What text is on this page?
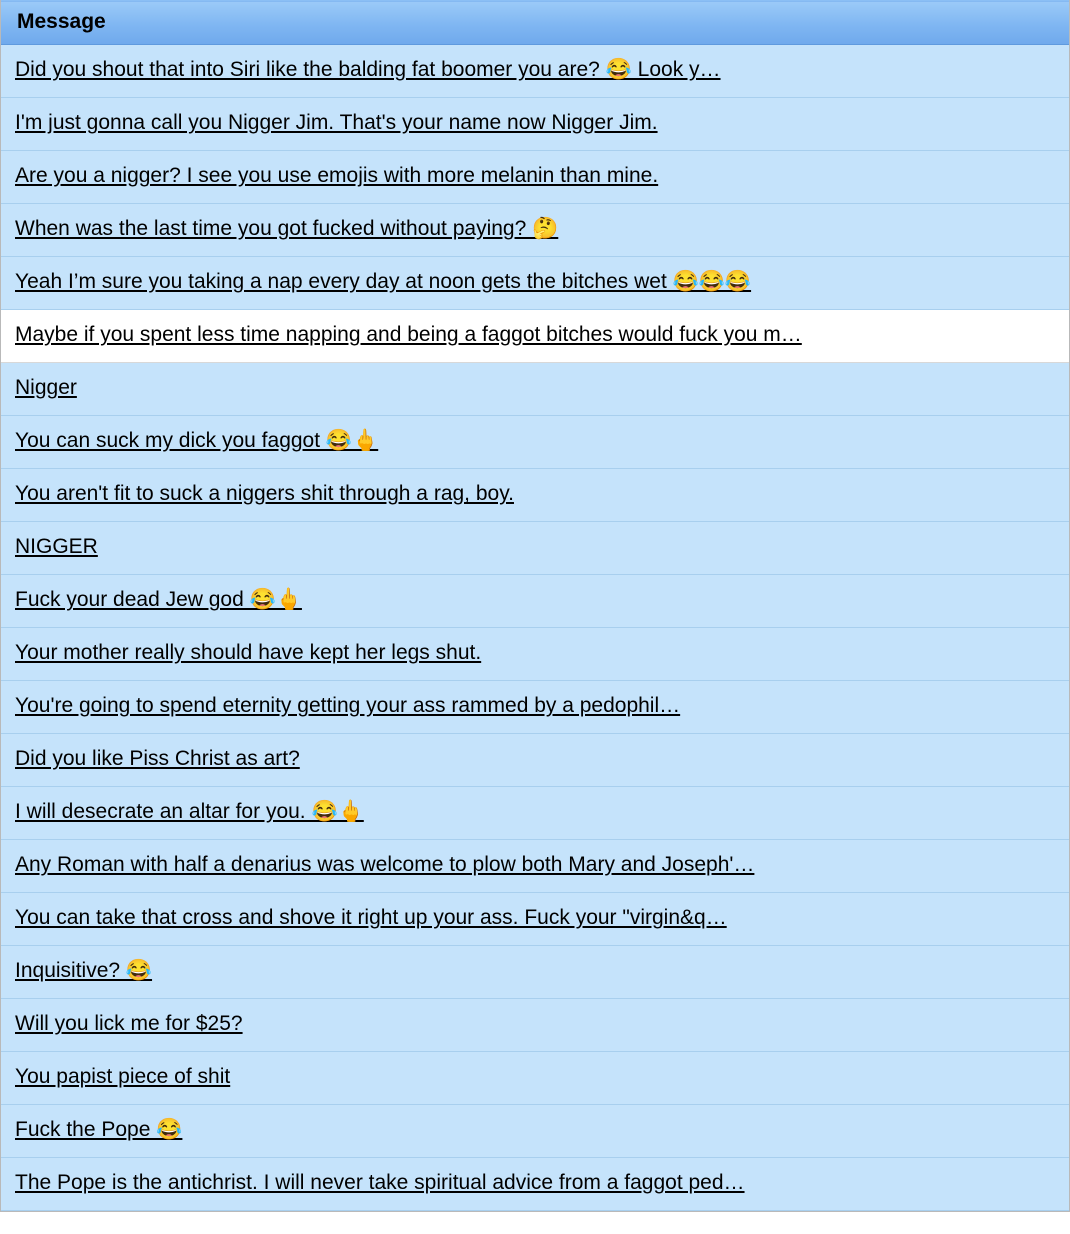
Message
Did you shout that into Siri like the balding fat boomer you are? 😂 Look y…
I'm just gonna call you Nigger Jim. That's your name now Nigger Jim.
Are you a nigger? I see you use emojis with more melanin than mine.
When was the last time you got fucked without paying? 🤔
Yeah I’m sure you taking a nap every day at noon gets the bitches wet 😂😂😂
Maybe if you spent less time napping and being a faggot bitches would fuck you m…
Nigger
You can suck my dick you faggot 😂🖕
You aren't fit to suck a niggers shit through a rag, boy.
NIGGER
Fuck your dead Jew god 😂🖕
Your mother really should have kept her legs shut.
You're going to spend eternity getting your ass rammed by a pedophil…
Did you like Piss Christ as art?
I will desecrate an altar for you. 😂🖕
Any Roman with half a denarius was welcome to plow both Mary and Joseph'…
You can take that cross and shove it right up your ass. Fuck your "virgin&q…
Inquisitive? 😂
Will you lick me for $25?
You papist piece of shit
Fuck the Pope 😂
The Pope is the antichrist. I will never take spiritual advice from a faggot ped…
